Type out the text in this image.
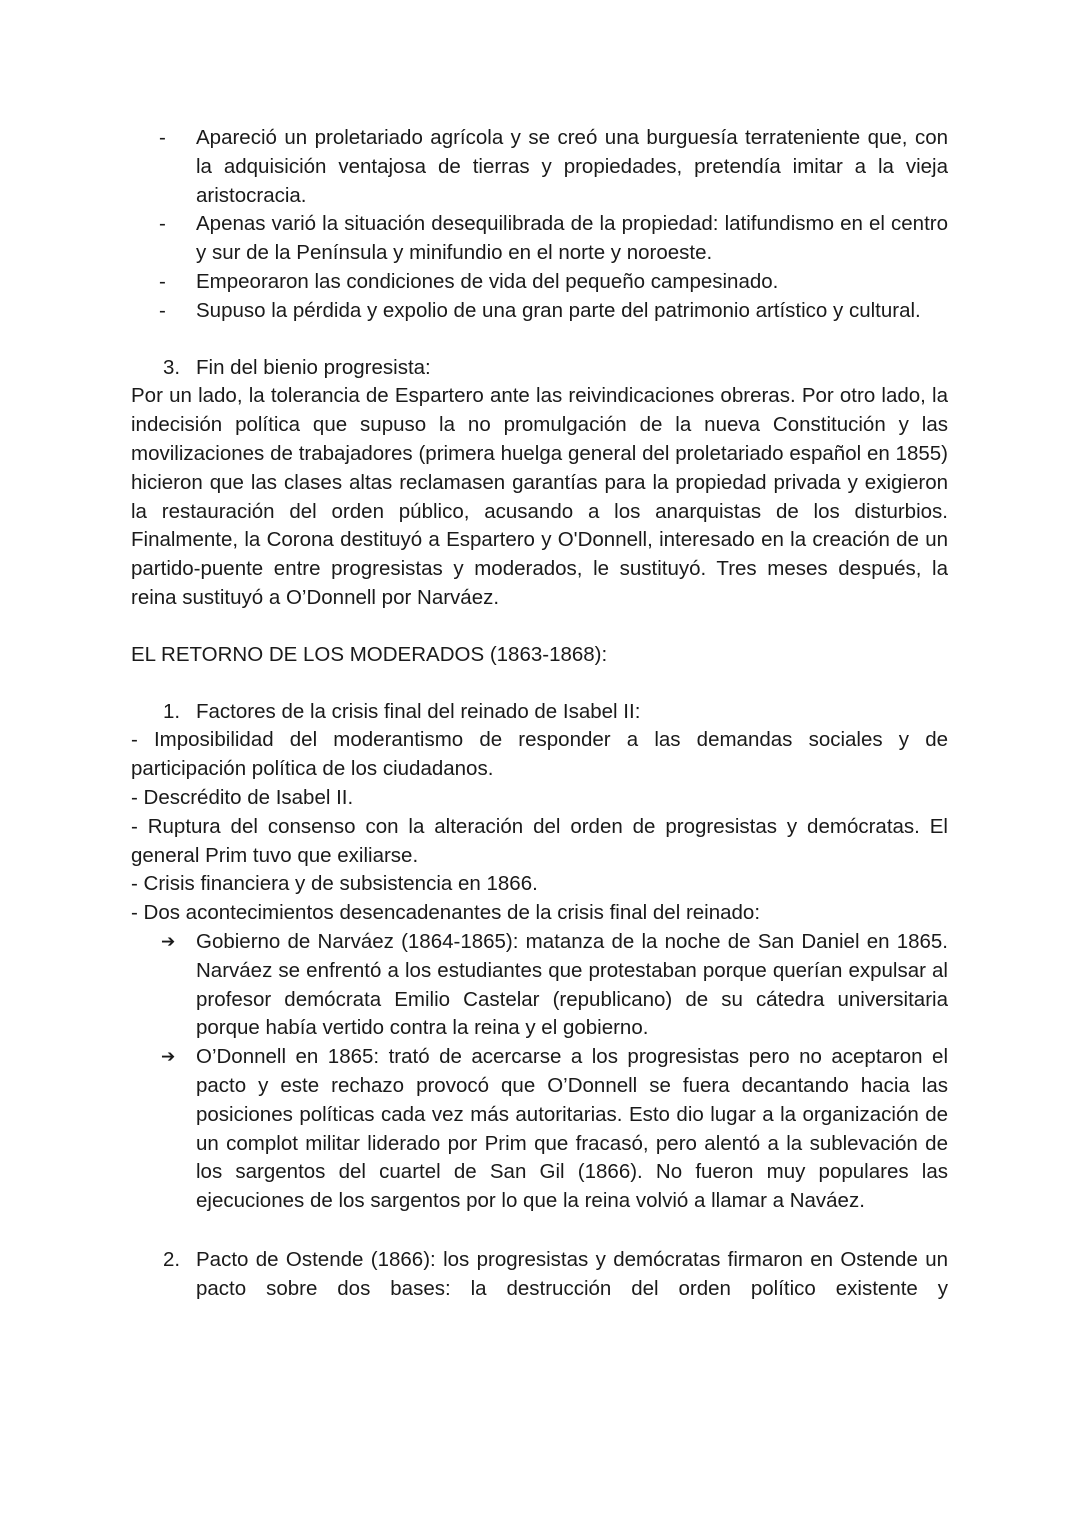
-	Apareció un proletariado agrícola y se creó una burguesía terrateniente que, con la adquisición ventajosa de tierras y propiedades, pretendía imitar a la vieja aristocracia.
-	Apenas varió la situación desequilibrada de la propiedad: latifundismo en el centro y sur de la Península y minifundio en el norte y noroeste.
-	Empeoraron las condiciones de vida del pequeño campesinado.
-	Supuso la pérdida y expolio de una gran parte del patrimonio artístico y cultural.
3. Fin del bienio progresista:
Por un lado, la tolerancia de Espartero ante las reivindicaciones obreras. Por otro lado, la indecisión política que supuso la no promulgación de la nueva Constitución y las movilizaciones de trabajadores (primera huelga general del proletariado español en 1855) hicieron que las clases altas reclamasen garantías para la propiedad privada y exigieron la restauración del orden público, acusando a los anarquistas de los disturbios. Finalmente, la Corona destituyó a Espartero y O'Donnell, interesado en la creación de un partido-puente entre progresistas y moderados, le sustituyó. Tres meses después, la reina sustituyó a O’Donnell por Narváez.
EL RETORNO DE LOS MODERADOS (1863-1868):
1. Factores de la crisis final del reinado de Isabel II:
- Imposibilidad del moderantismo de responder a las demandas sociales y de participación política de los ciudadanos.
- Descrédito de Isabel II.
- Ruptura del consenso con la alteración del orden de progresistas y demócratas. El general Prim tuvo que exiliarse.
- Crisis financiera y de subsistencia en 1866.
- Dos acontecimientos desencadenantes de la crisis final del reinado:
➔	Gobierno de Narváez (1864-1865): matanza de la noche de San Daniel en 1865. Narváez se enfrentó a los estudiantes que protestaban porque querían expulsar al profesor demócrata Emilio Castelar (republicano) de su cátedra universitaria porque había vertido contra la reina y el gobierno.
➔	O’Donnell en 1865: trató de acercarse a los progresistas pero no aceptaron el pacto y este rechazo provocó que O’Donnell se fuera decantando hacia las posiciones políticas cada vez más autoritarias. Esto dio lugar a la organización de un complot militar liderado por Prim que fracasó, pero alentó a la sublevación de los sargentos del cuartel de San Gil (1866). No fueron muy populares las ejecuciones de los sargentos por lo que la reina volvió a llamar a Naváez.
2. Pacto de Ostende (1866): los progresistas y demócratas firmaron en Ostende un pacto sobre dos bases: la destrucción del orden político existente y
